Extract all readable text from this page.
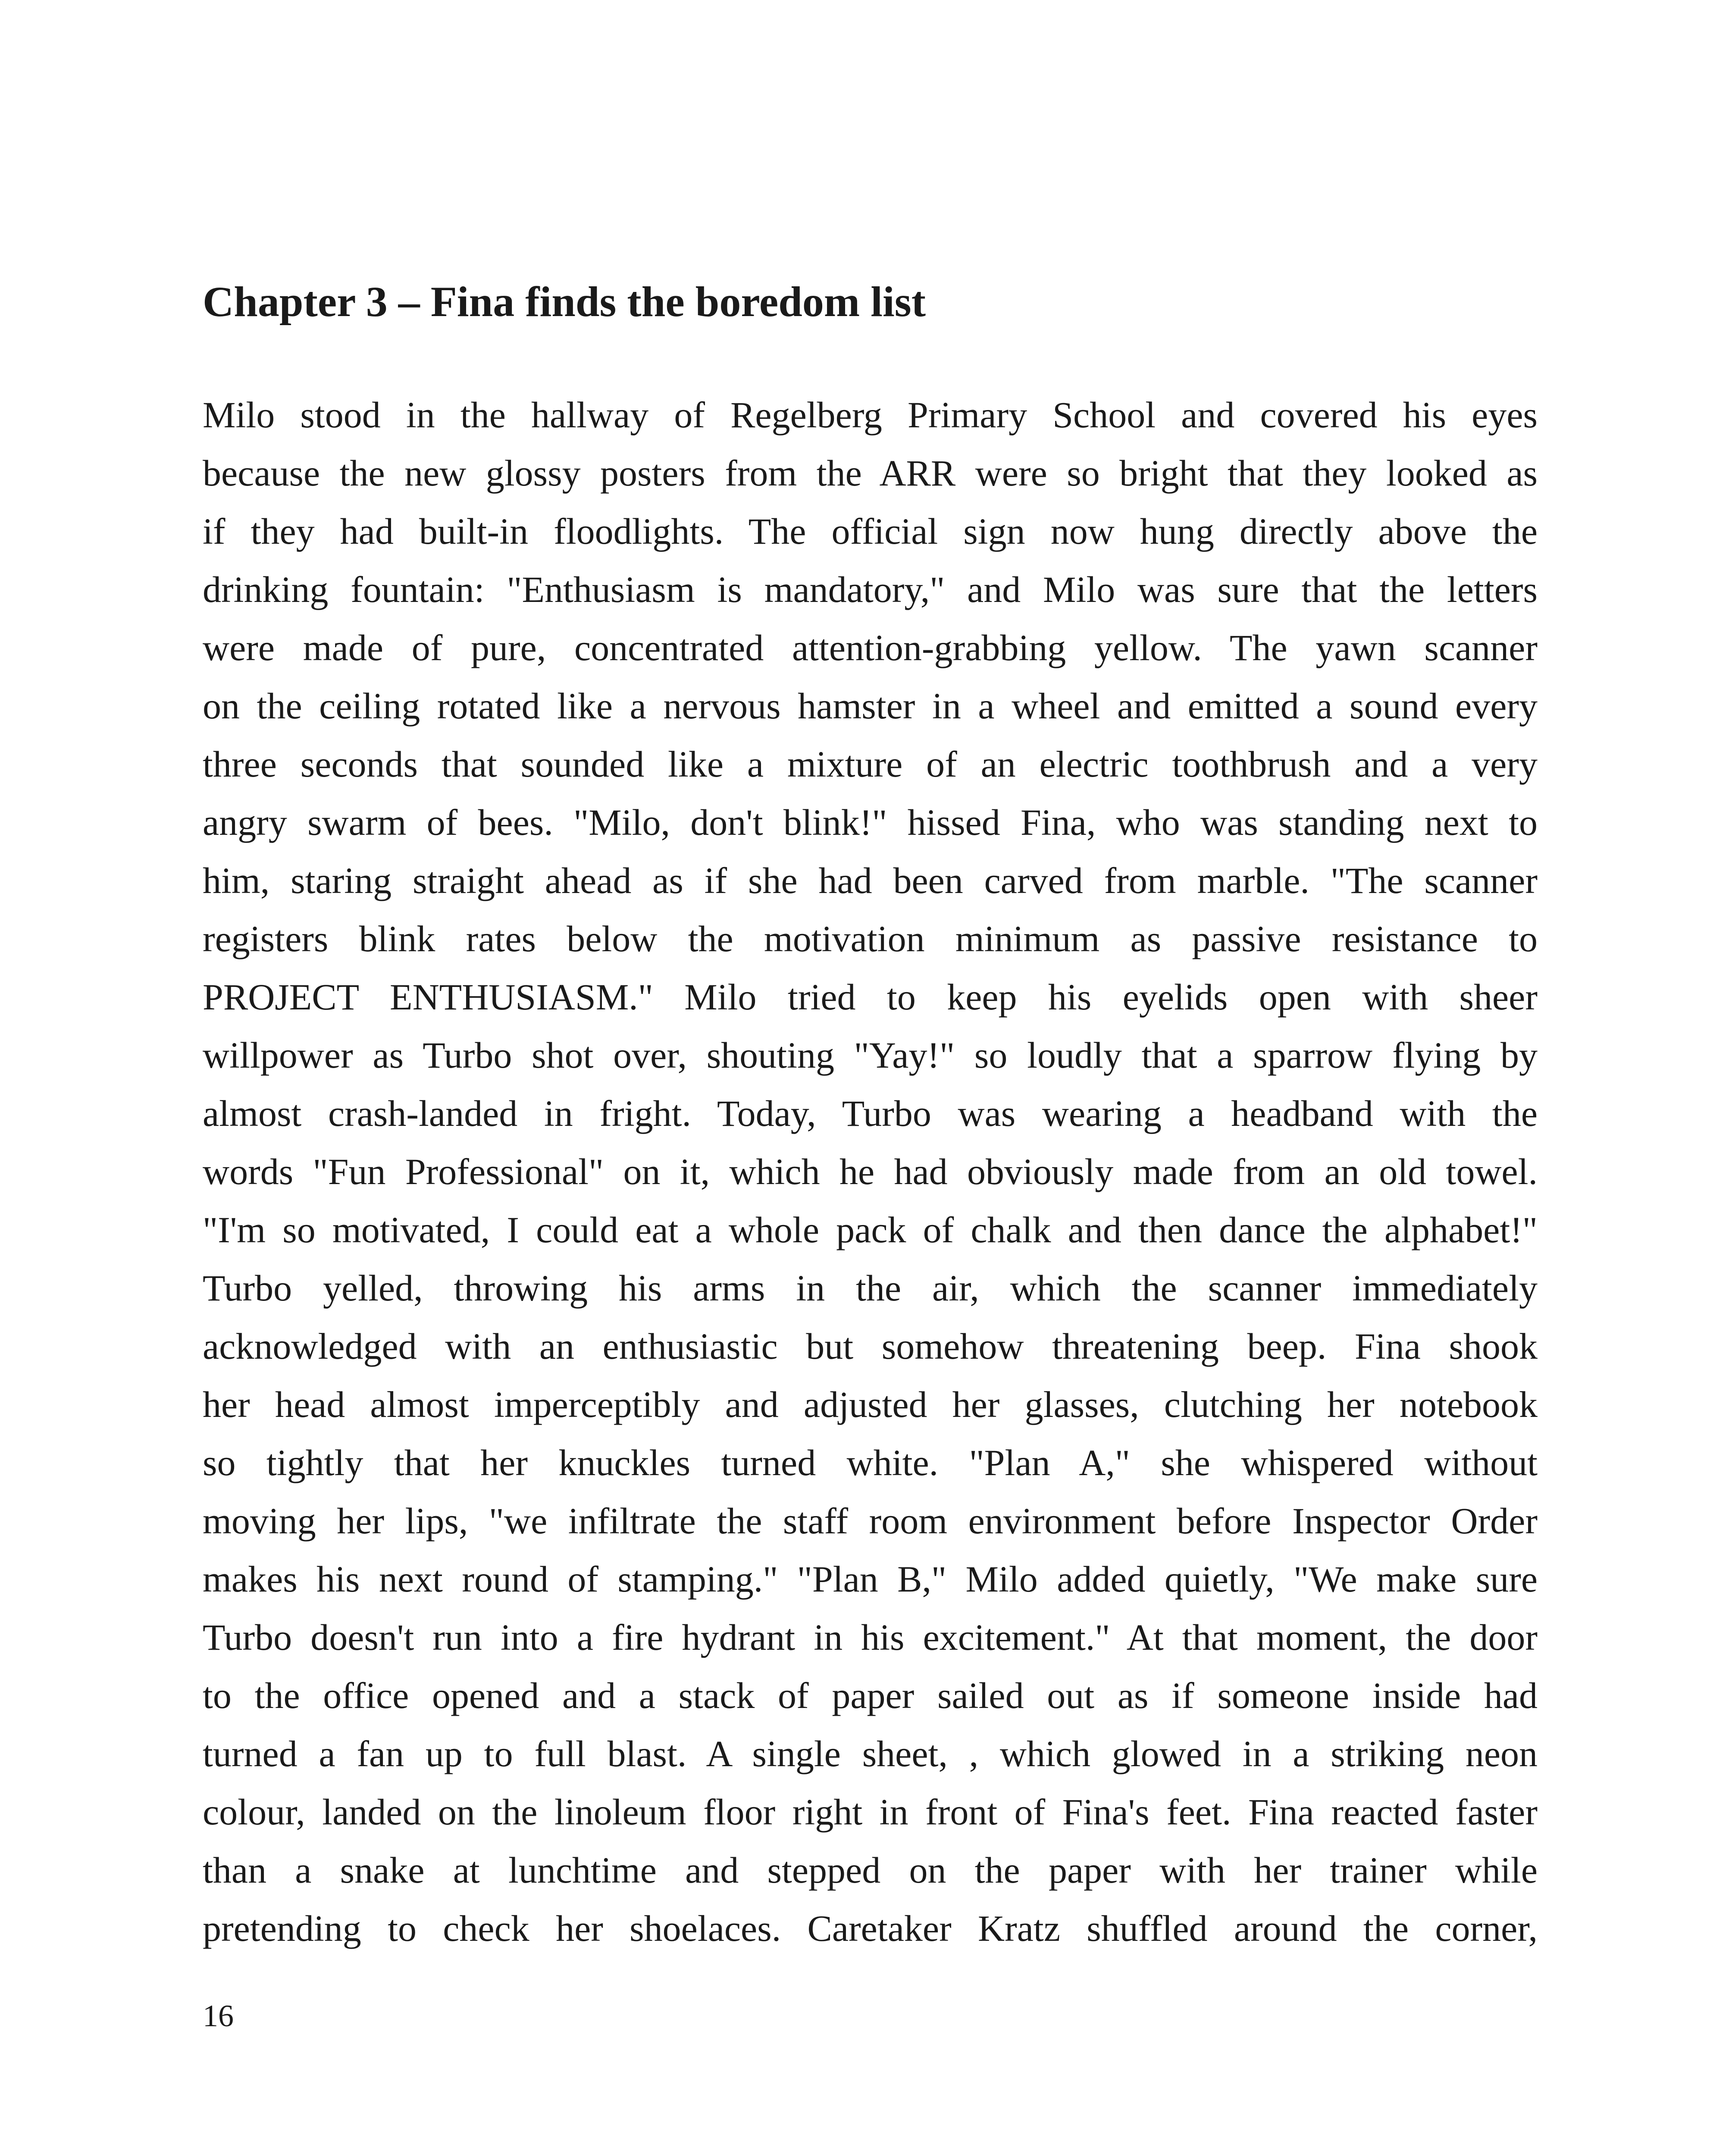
Chapter 3 – Fina finds the boredom list
Milo stood in the hallway of Regelberg Primary School and covered his eyes
because the new glossy posters from the ARR were so bright that they looked as
if they had built-in floodlights. The official sign now hung directly above the
drinking fountain: "Enthusiasm is mandatory," and Milo was sure that the letters
were made of pure, concentrated attention-grabbing yellow. The yawn scanner
on the ceiling rotated like a nervous hamster in a wheel and emitted a sound every
three seconds that sounded like a mixture of an electric toothbrush and a very
angry swarm of bees. "Milo, don't blink!" hissed Fina, who was standing next to
him, staring straight ahead as if she had been carved from marble. "The scanner
registers blink rates below the motivation minimum as passive resistance to
PROJECT ENTHUSIASM." Milo tried to keep his eyelids open with sheer
willpower as Turbo shot over, shouting "Yay!" so loudly that a sparrow flying by
almost crash-landed in fright. Today, Turbo was wearing a headband with the
words "Fun Professional" on it, which he had obviously made from an old towel.
"I'm so motivated, I could eat a whole pack of chalk and then dance the alphabet!"
Turbo yelled, throwing his arms in the air, which the scanner immediately
acknowledged with an enthusiastic but somehow threatening beep. Fina shook
her head almost imperceptibly and adjusted her glasses, clutching her notebook
so tightly that her knuckles turned white. "Plan A," she whispered without
moving her lips, "we infiltrate the staff room environment before Inspector Order
makes his next round of stamping." "Plan B," Milo added quietly, "We make sure
Turbo doesn't run into a fire hydrant in his excitement." At that moment, the door
to the office opened and a stack of paper sailed out as if someone inside had
turned a fan up to full blast. A single sheet, , which glowed in a striking neon
colour, landed on the linoleum floor right in front of Fina's feet. Fina reacted faster
than a snake at lunchtime and stepped on the paper with her trainer while
pretending to check her shoelaces. Caretaker Kratz shuffled around the corner,
16
